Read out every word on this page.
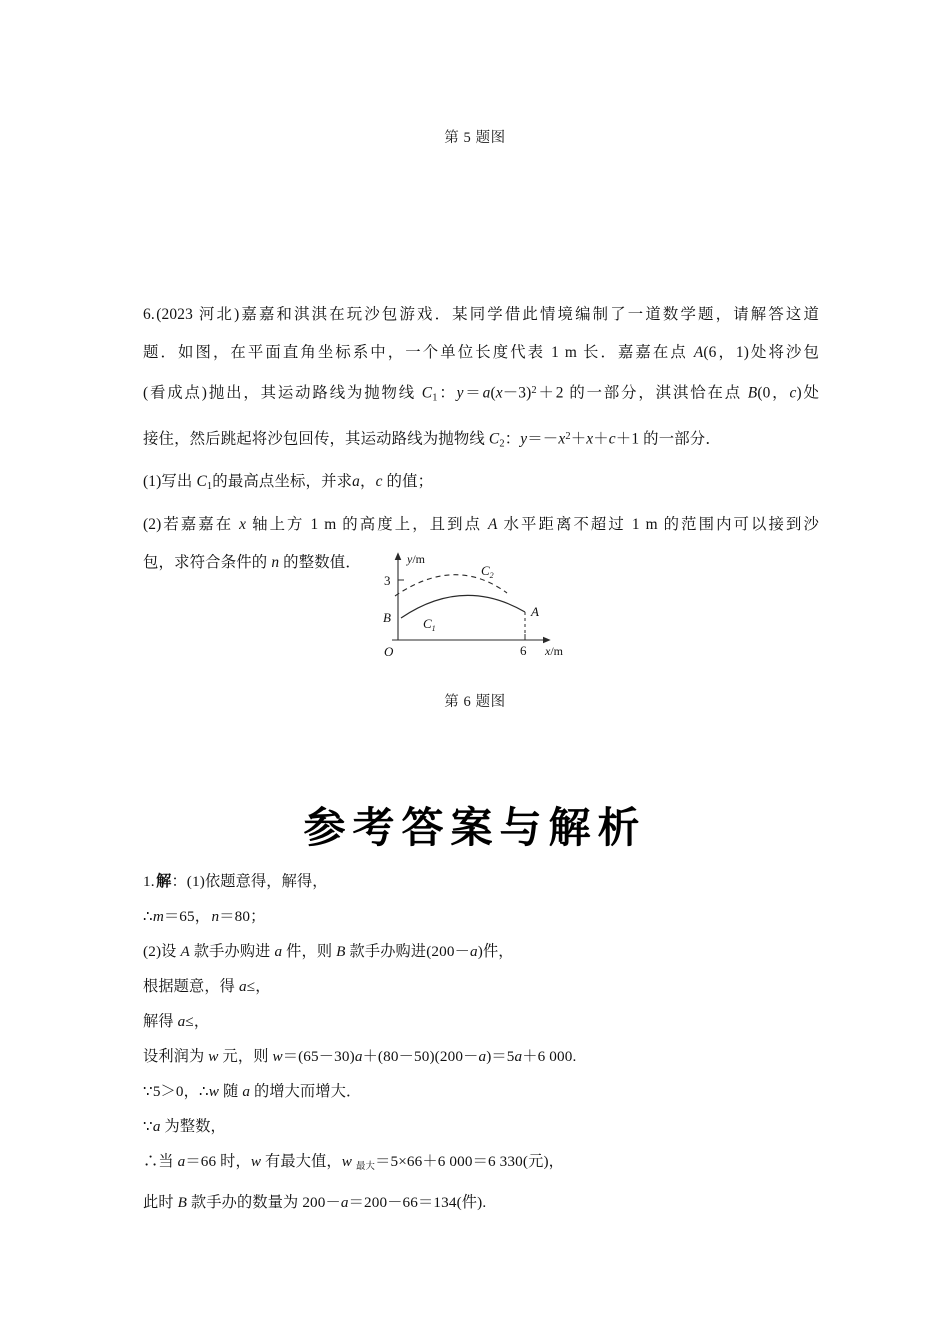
第 5 题图
6. (2023 河北)嘉嘉和淇淇在玩沙包游戏．某同学借此情境编制了一道数学题，请解答这道
题．如图，在平面直角坐标系中，一个单位长度代表 1 m 长．嘉嘉在点 A(6，1)处将沙包
(看成点)抛出，其运动路线为抛物线 $C_1$：$y=a(x-3)^2+2$ 的一部分，淇淇恰在点 B(0，c)处
接住，然后跳起将沙包回传，其运动路线为抛物线 $C_2$：$y=-x^2+x+c+1$ 的一部分．
(1)写出 $C_1$的最高点坐标，并求a，c 的值；
(2)若嘉嘉在 x 轴上方 1 m 的高度上，且到点 A 水平距离不超过 1 m 的范围内可以接到沙
包，求符合条件的 n 的整数值．	y/m
x/m
3
6
O
B	A
$C_1$
$C_2$
第 6 题图
参考答案与解析
1. 解：(1)依题意得，解得，
∴m＝65， n＝80；
(2)设 A 款手办购进 a 件，则 B 款手办购进(200－a)件，
根据题意，得 a≤，
解得 a≤，
设利润为 w 元，则 w＝(65－30)a＋(80－50)(200－a)＝5a＋6 000.
∵5＞0，∴w 随 a 的增大而增大．
∵a 为整数，
∴当 a＝66 时，w 有最大值，w $_{最大}$＝5×66＋6 000＝6 330(元)，
此时 B 款手办的数量为 200－a＝200－66＝134(件).
